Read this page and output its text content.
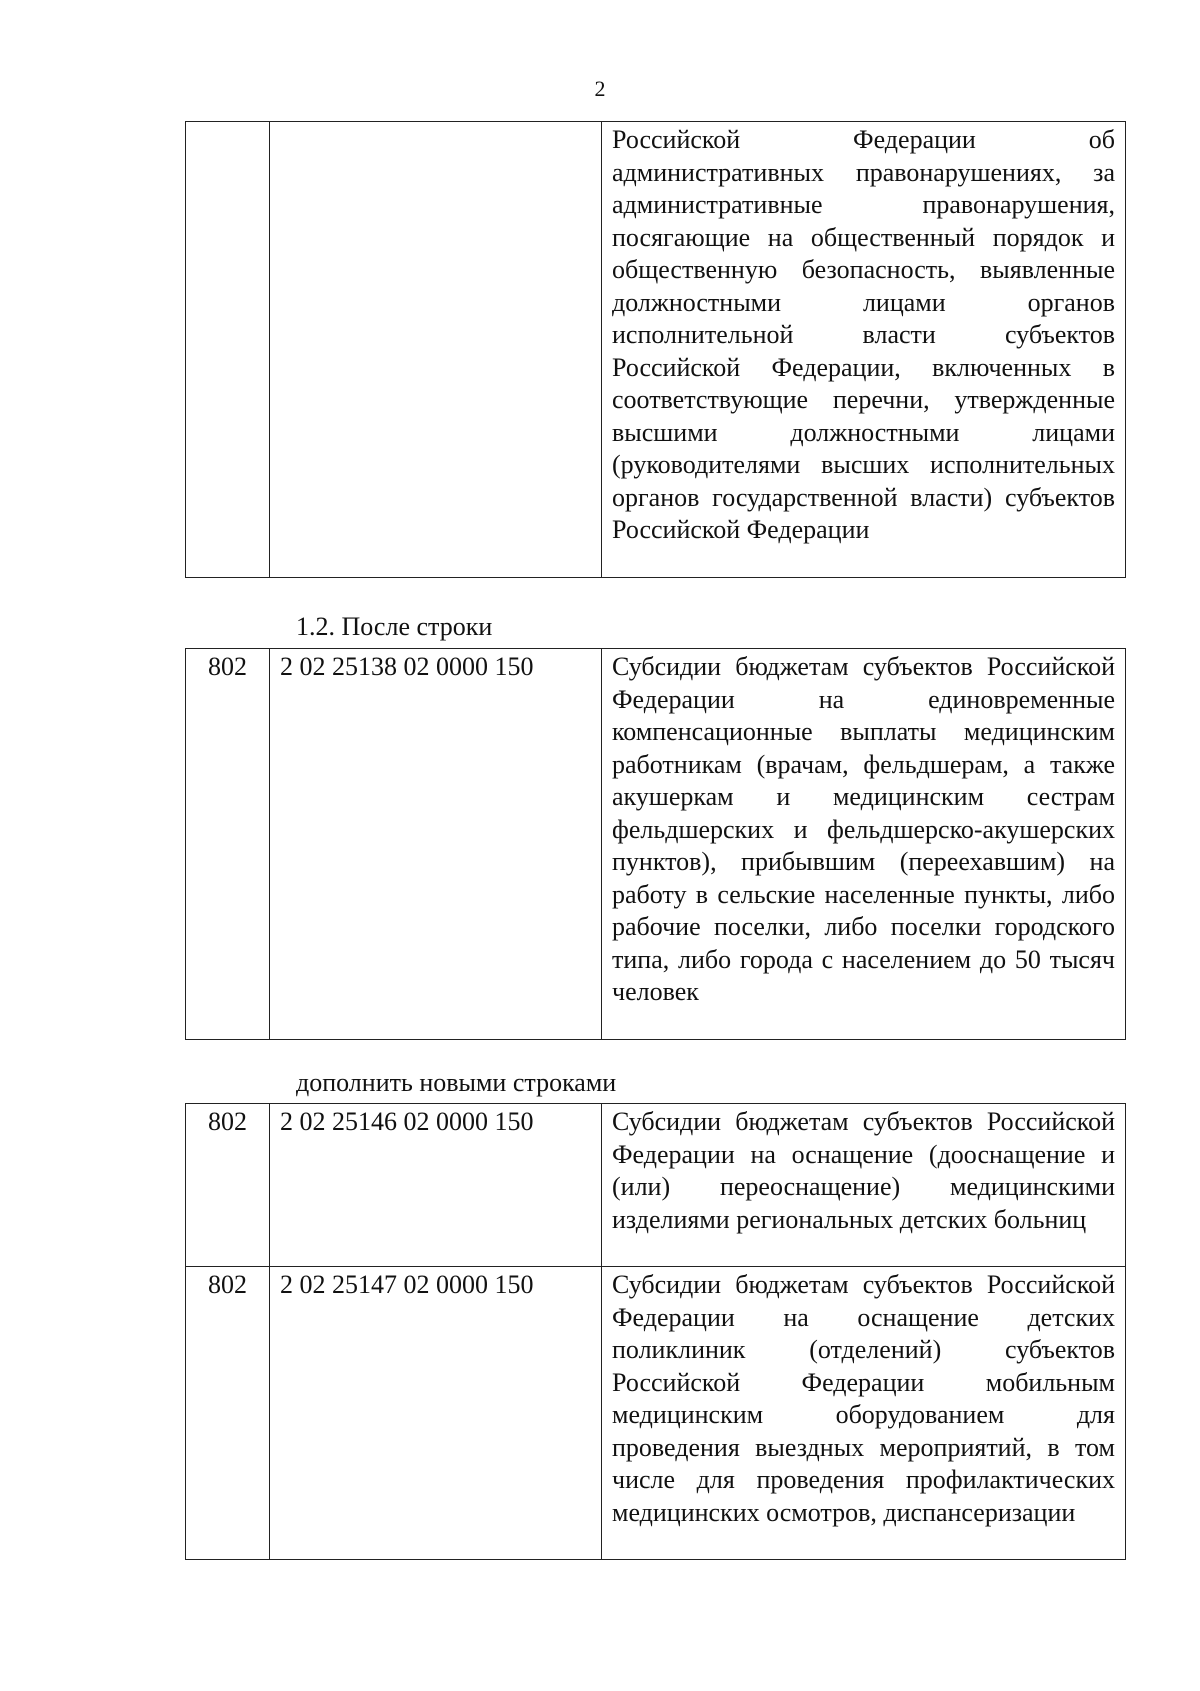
2
		Российской Федерации об административных правонарушениях, за административные правонарушения, посягающие на общественный порядок и общественную безопасность, выявленные должностными лицами органов исполнительной власти субъектов Российской Федерации, включенных в соответствующие перечни, утвержденные высшими должностными лицами (руководителями высших исполнительных органов государственной власти) субъектов Российской Федерации
1.2. После строки
802	2 02 25138 02 0000 150	Субсидии бюджетам субъектов Российской Федерации на единовременные компенсационные выплаты медицинским работникам (врачам, фельдшерам, а также акушеркам и медицинским сестрам фельдшерских и фельдшерско-акушерских пунктов), прибывшим (переехавшим) на работу в сельские населенные пункты, либо рабочие поселки, либо поселки городского типа, либо города с населением до 50 тысяч человек
дополнить новыми строками
802	2 02 25146 02 0000 150	Субсидии бюджетам субъектов Российской Федерации на оснащение (дооснащение и (или) переоснащение) медицинскими изделиями региональных детских больниц
802	2 02 25147 02 0000 150	Субсидии бюджетам субъектов Российской Федерации на оснащение детских поликлиник (отделений) субъектов Российской Федерации мобильным медицинским оборудованием для проведения выездных мероприятий, в том числе для проведения профилактических медицинских осмотров, диспансеризации
